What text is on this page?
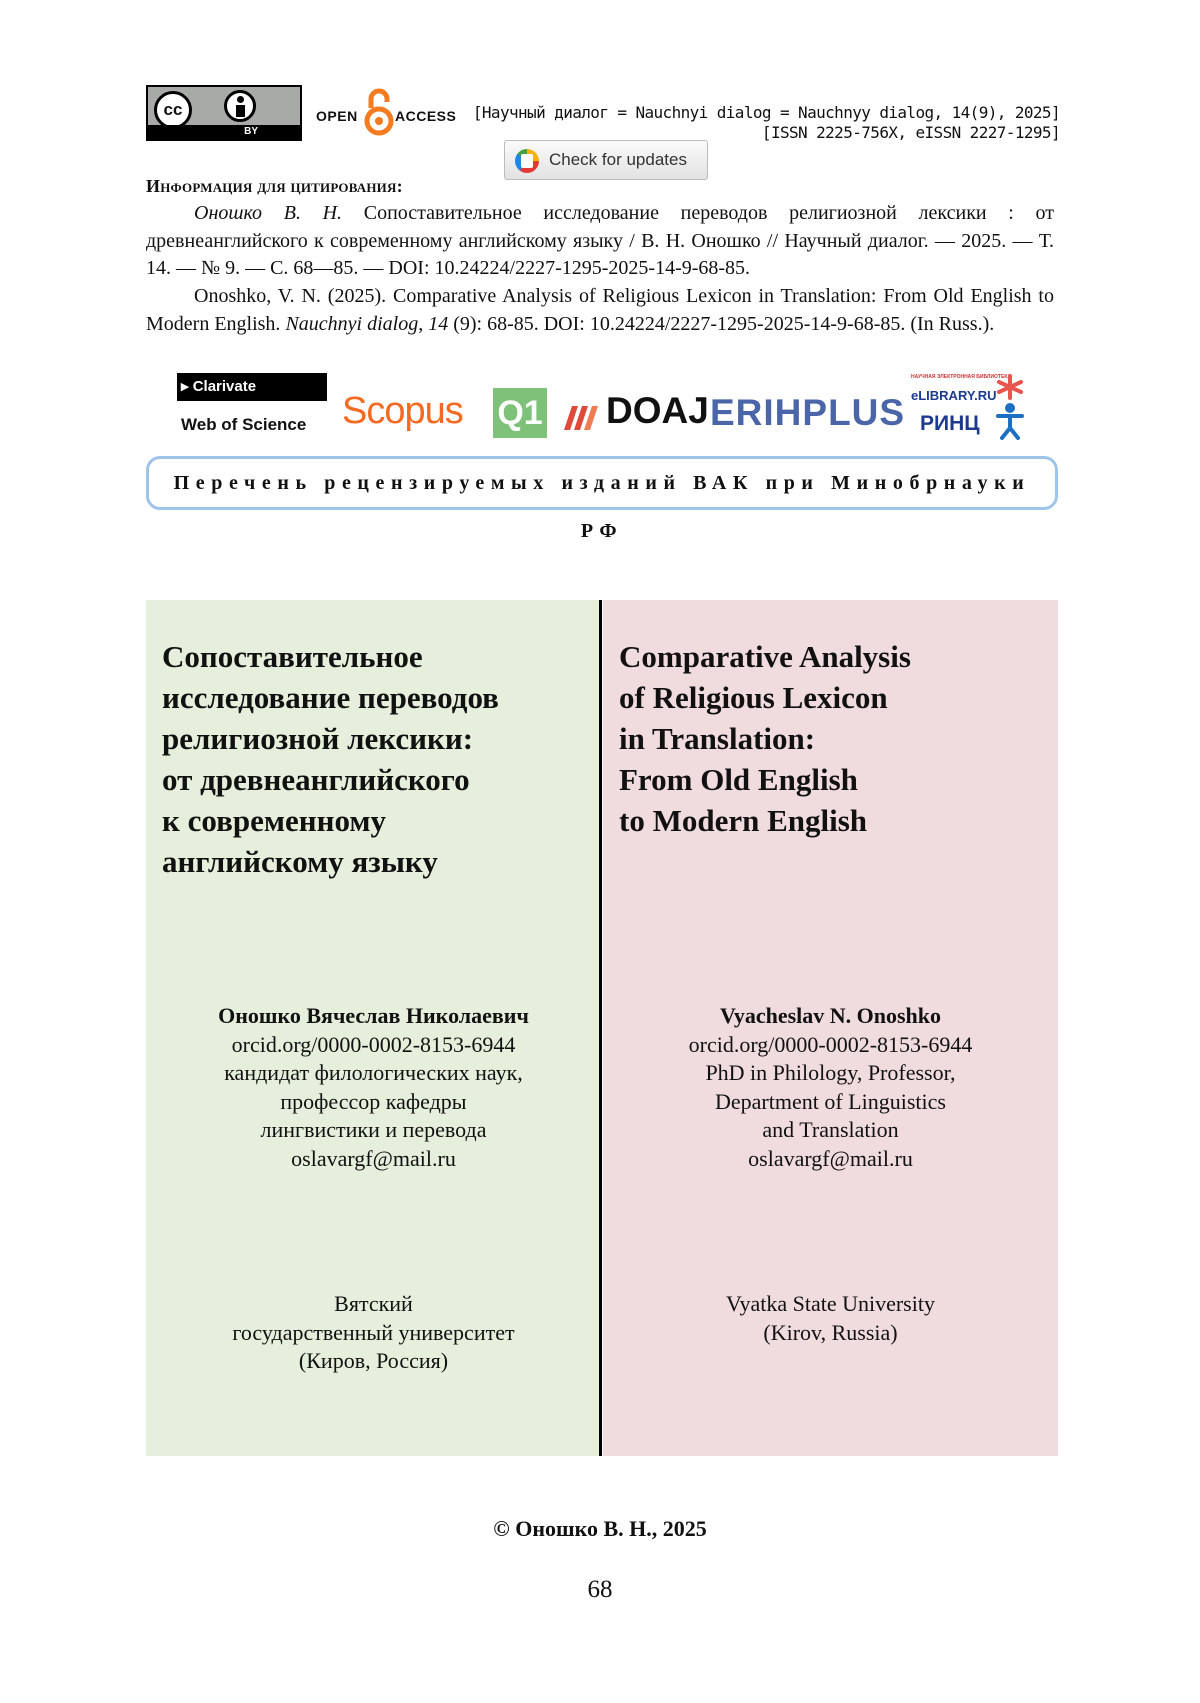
cc
BY
OPEN	ACCESS [Научный диалог = Nauchnyi dialog = Nauchnyy dialog, 14(9), 2025]
[ISSN 2225-756X, eISSN 2227-1295]
Check for updates
Информация для цитирования:
Оношко В. Н. Сопоставительное исследование переводов религиозной лексики : от древнеанглийского к современному английскому языку / В. Н. Оношко // Научный диалог. — 2025. — Т. 14. — № 9. — С. 68—85. — DOI: 10.24224/2227-1295-2025-14-9-68-85.
Onoshko, V. N. (2025). Comparative Analysis of Religious Lexicon in Translation: From Old English to Modern English. Nauchnyi dialog, 14 (9): 68-85. DOI: 10.24224/2227-1295-2025-14-9-68-85. (In Russ.).
▸ Clarivate
Web of Science Scopus Q1 DOAJ ERIHPLUS
НАУЧНАЯ ЭЛЕКТРОННАЯ БИБЛИОТЕКА
eLIBRARY.RU
РИНЦ
Перечень рецензируемых изданий ВАК при Минобрнауки РФ
Сопоставительное
исследование переводов
религиозной лексики:
от древнеанглийского
к современному
английскому языку
Оношко Вячеслав Николаевич
orcid.org/0000-0002-8153-6944
кандидат филологических наук,
профессор кафедры
лингвистики и перевода
oslavargf@mail.ru
Вятский
государственный университет
(Киров, Россия)
Comparative Analysis
of Religious Lexicon
in Translation:
From Old English
to Modern English
Vyacheslav N. Onoshko
orcid.org/0000-0002-8153-6944
PhD in Philology, Professor,
Department of Linguistics
and Translation
oslavargf@mail.ru
Vyatka State University
(Kirov, Russia)
© Оношко В. Н., 2025
68
